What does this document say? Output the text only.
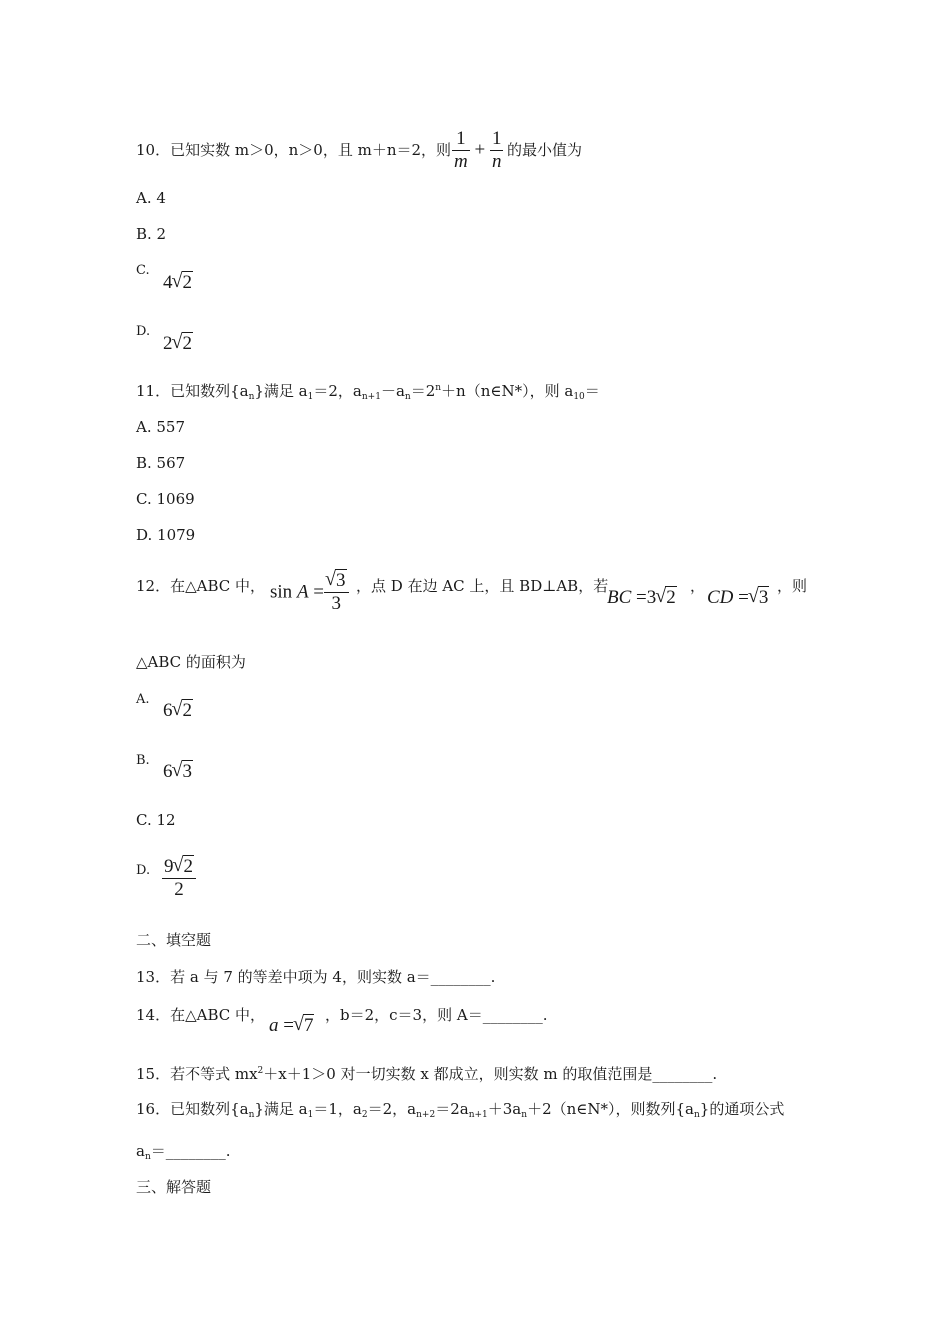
10．已知实数 m＞0，n＞0，且 m＋n＝2，则 $\frac{1}{m} + \frac{1}{n}$ 的最小值为
A. 4
B. 2
C.
4 √ 2
D.
2 √ 2
11．已知数列$\{a_n\}$满足 $a_1=2$，$a_{n+1}-a_n=2^n+n(n\in N*)$，则 $a_{10}=$
A. 557
B. 567
C. 1069
D. 1079
12．在△ABC 中， sin A = √ $\frac{3}{3}$ ，点 D 在边 AC 上，且 BD⊥AB，若
BC =3 √ 2
，
CD = √ 3
，则
△ABC 的面积为
A.
6 √ 2
B.
6 √ 3
C. 12
D. $\frac{9 √ 2}{2}$
二、填空题
13．若 a 与 7 的等差中项为 4，则实数 a＝________.
14．在△ABC 中， a = √ 7 ，b＝2，c＝3，则 A＝________.
15．若不等式 $mx^2+x+1>0$ 对一切实数 x 都成立，则实数 m 的取值范围是________.
16．已知数列$\{a_n\}$满足 $a_1=1$，$a_2=2$，$a_{n+2}=2a_{n+1}+3a_n+2(n\in N*)$，则数列$\{a_n\}$的通项公式
$a_n=\_\_\_\_\_\_\_\_$.
三、解答题
